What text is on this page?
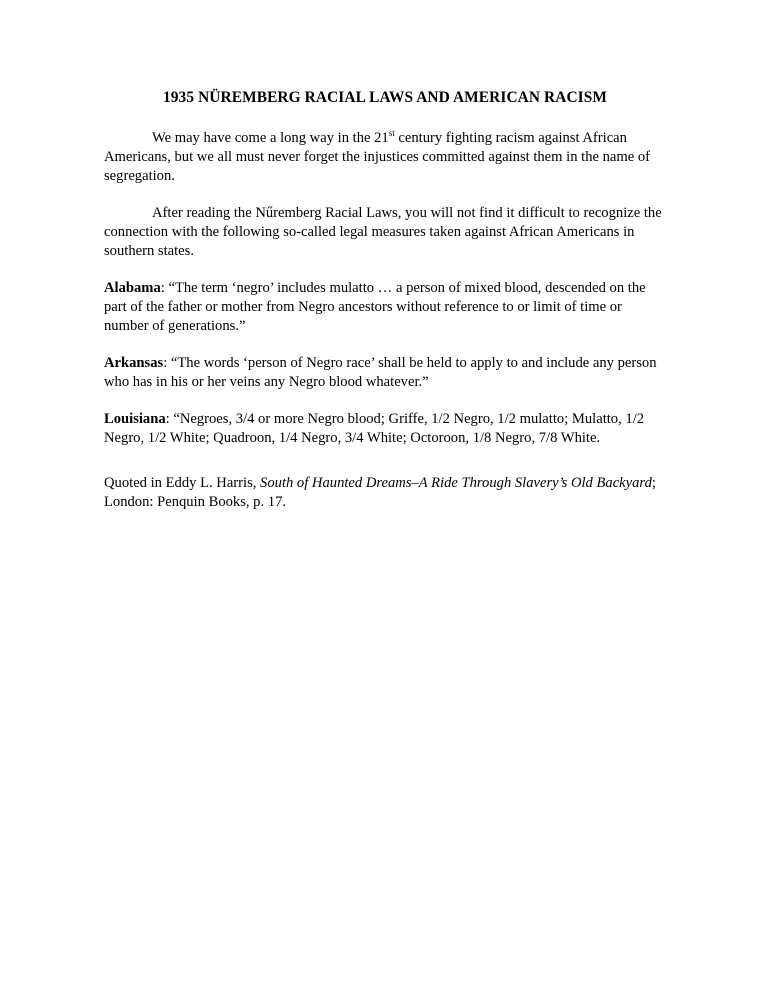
1935 NÜREMBERG RACIAL LAWS AND AMERICAN RACISM

We may have come a long way in the 21st century fighting racism against African Americans, but we all must never forget the injustices committed against them in the name of segregation.

After reading the Nűremberg Racial Laws, you will not find it difficult to recognize the connection with the following so-called legal measures taken against African Americans in southern states.

Alabama: “The term ‘negro’ includes mulatto … a person of mixed blood, descended on the part of the father or mother from Negro ancestors without reference to or limit of time or number of generations.”

Arkansas: “The words ‘person of Negro race’ shall be held to apply to and include any person who has in his or her veins any Negro blood whatever.”

Louisiana: “Negroes, 3/4 or more Negro blood; Griffe, 1/2 Negro, 1/2 mulatto; Mulatto, 1/2 Negro, 1/2 White; Quadroon, 1/4 Negro, 3/4 White; Octoroon, 1/8 Negro, 7/8 White.

Quoted in Eddy L. Harris, South of Haunted Dreams–A Ride Through Slavery’s Old Backyard; London: Penquin Books, p. 17.
